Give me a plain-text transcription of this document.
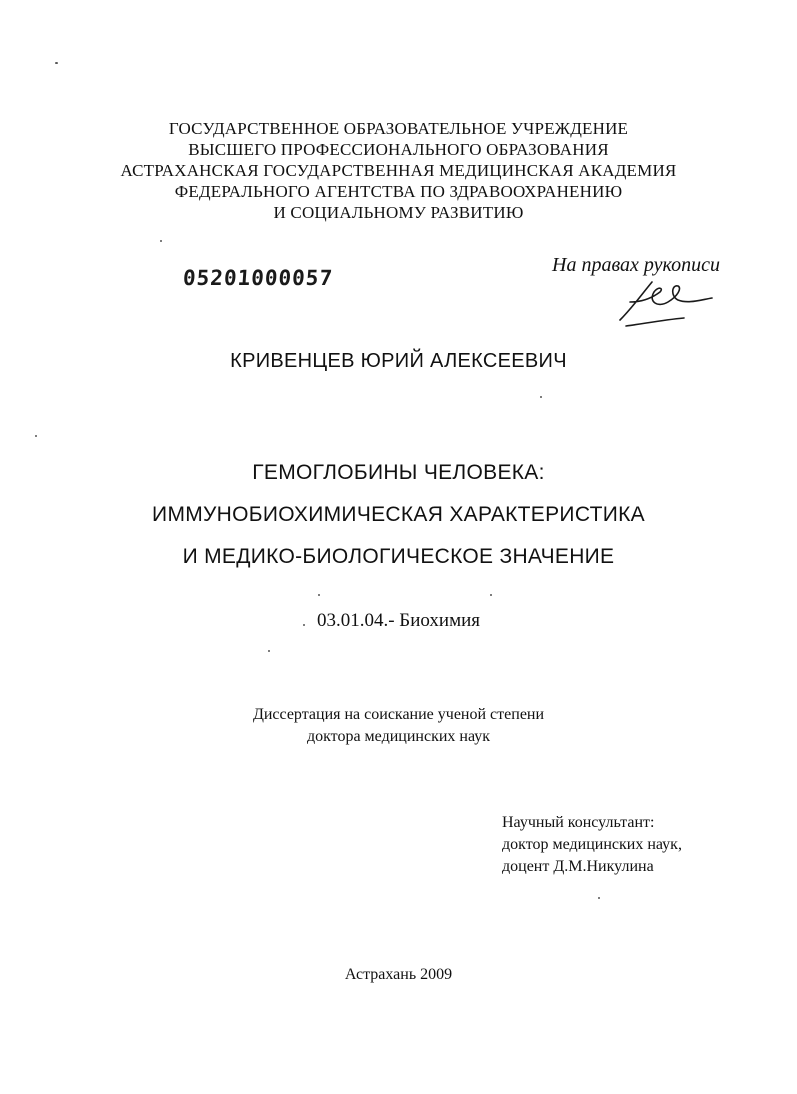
ГОСУДАРСТВЕННОЕ ОБРАЗОВАТЕЛЬНОЕ УЧРЕЖДЕНИЕ
ВЫСШЕГО ПРОФЕССИОНАЛЬНОГО ОБРАЗОВАНИЯ
АСТРАХАНСКАЯ ГОСУДАРСТВЕННАЯ МЕДИЦИНСКАЯ АКАДЕМИЯ
ФЕДЕРАЛЬНОГО АГЕНТСТВА ПО ЗДРАВООХРАНЕНИЮ
И СОЦИАЛЬНОМУ РАЗВИТИЮ
05201000057
На правах рукописи
КРИВЕНЦЕВ ЮРИЙ АЛЕКСЕЕВИЧ
ГЕМОГЛОБИНЫ ЧЕЛОВЕКА:
ИММУНОБИОХИМИЧЕСКАЯ ХАРАКТЕРИСТИКА
И МЕДИКО-БИОЛОГИЧЕСКОЕ ЗНАЧЕНИЕ
03.01.04.- Биохимия
Диссертация на соискание ученой степени
доктора медицинских наук
Научный консультант:
доктор медицинских наук,
доцент Д.М.Никулина
Астрахань 2009
